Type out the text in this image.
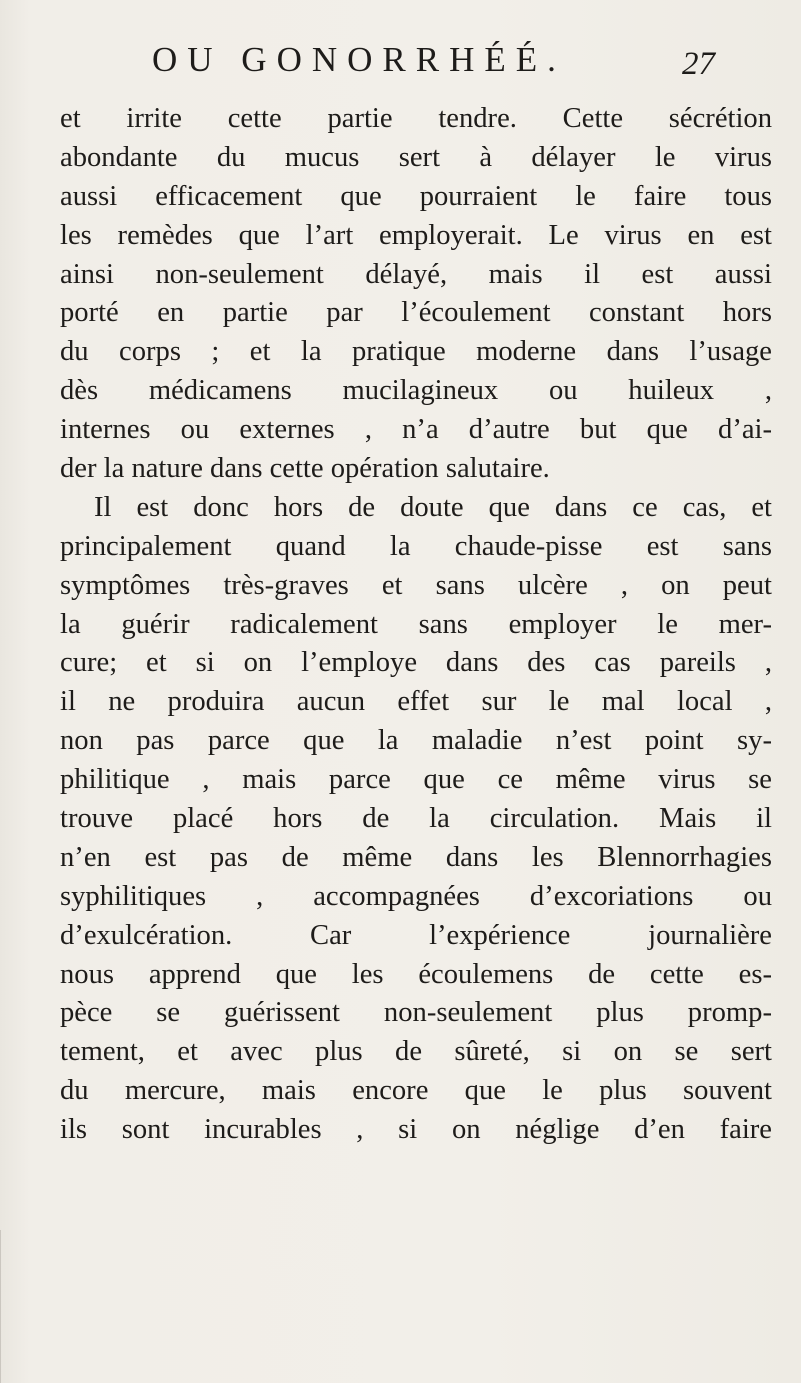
OU GONORRHÉÉ.	27
et irrite cette partie tendre. Cette sécrétion
abondante du mucus sert à délayer le virus
aussi efficacement que pourraient le faire tous
les remèdes que l’art employerait. Le virus en est
ainsi non-seulement délayé, mais il est aussi
porté en partie par l’écoulement constant hors
du corps ; et la pratique moderne dans l’usage
dès médicamens mucilagineux ou huileux ,
internes ou externes , n’a d’autre but que d’ai-
der la nature dans cette opération salutaire.
Il est donc hors de doute que dans ce cas, et
principalement quand la chaude-pisse est sans
symptômes très-graves et sans ulcère , on peut
la guérir radicalement sans employer le mer-
cure; et si on l’employe dans des cas pareils ,
il ne produira aucun effet sur le mal local ,
non pas parce que la maladie n’est point sy-
philitique , mais parce que ce même virus se
trouve placé hors de la circulation. Mais il
n’en est pas de même dans les Blennorrhagies
syphilitiques , accompagnées d’excoriations ou
d’exulcération. Car l’expérience journalière
nous apprend que les écoulemens de cette es-
pèce se guérissent non-seulement plus promp-
tement, et avec plus de sûreté, si on se sert
du mercure, mais encore que le plus souvent
ils sont incurables , si on néglige d’en faire
